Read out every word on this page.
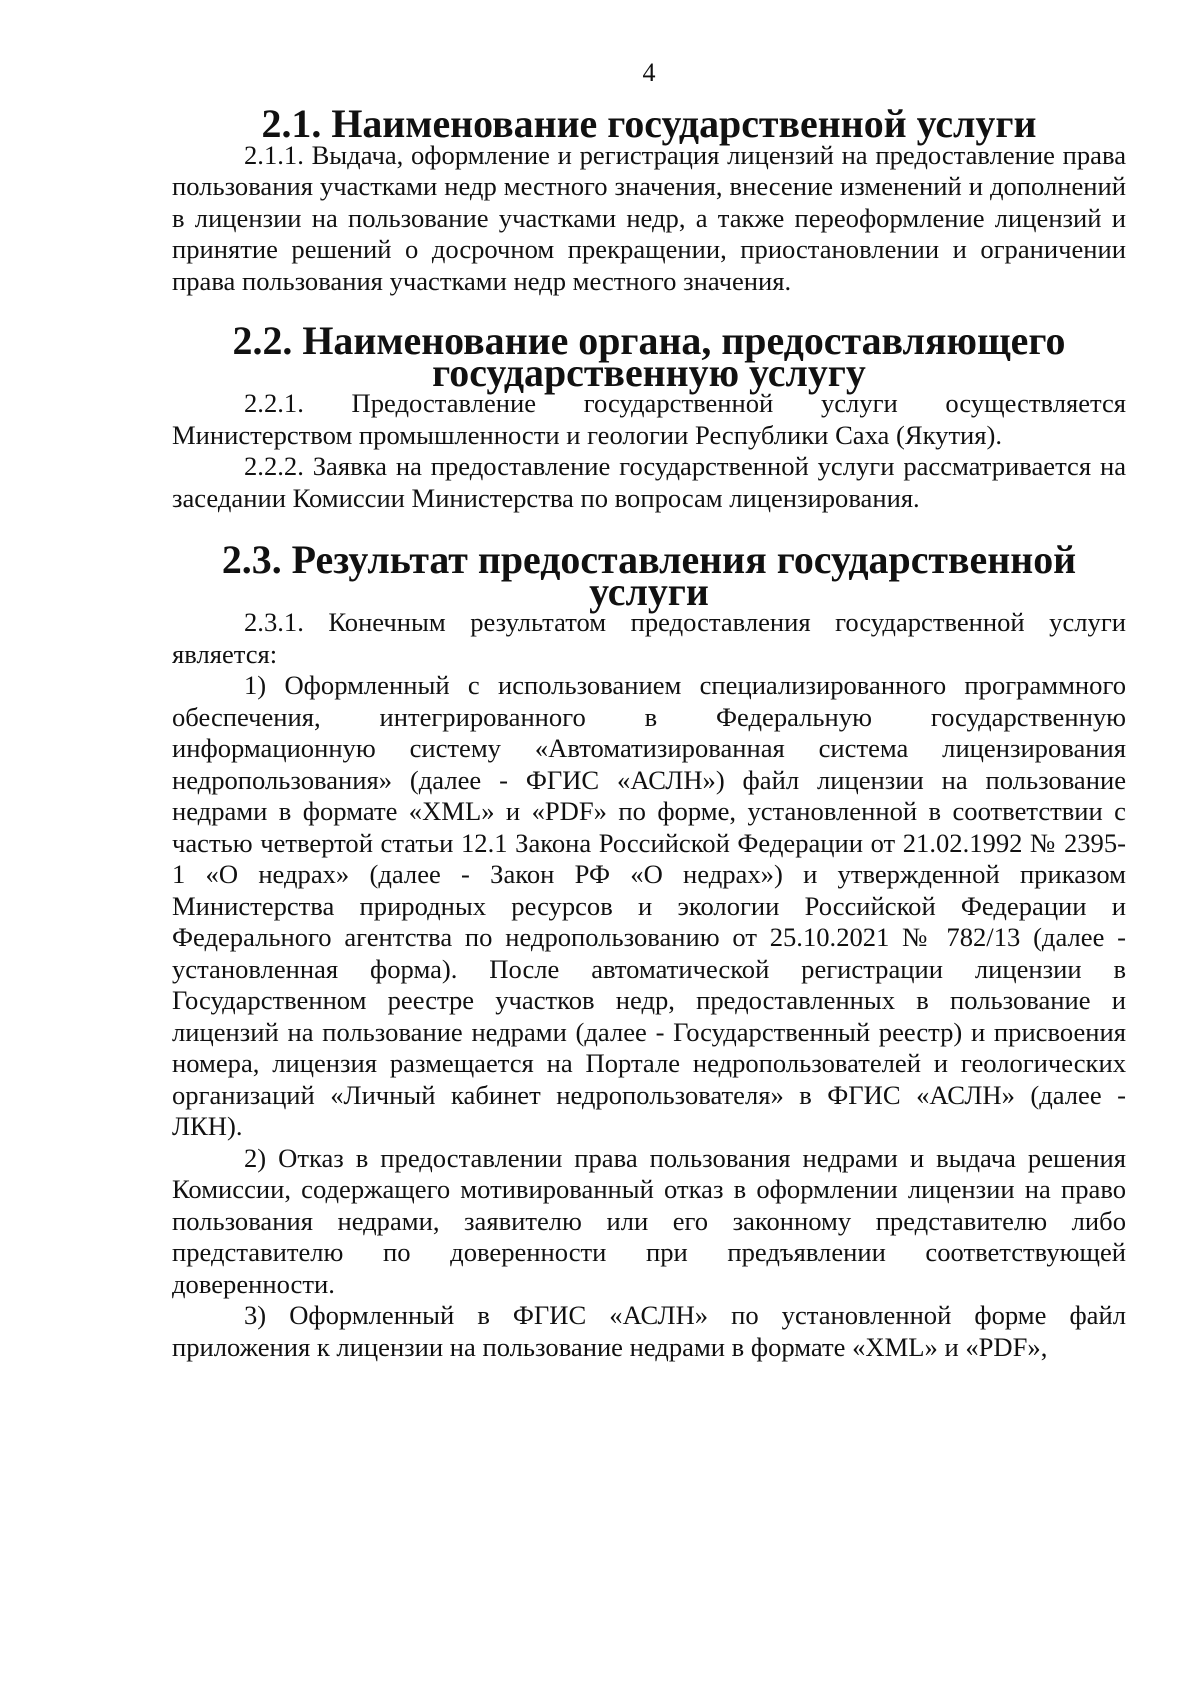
4
2.1. Наименование государственной услуги

2.1.1. Выдача, оформление и регистрация лицензий на предоставление права пользования участками недр местного значения, внесение изменений и дополнений в лицензии на пользование участками недр, а также переоформление лицензий и принятие решений о досрочном прекращении, приостановлении и ограничении права пользования участками недр местного значения.

2.2. Наименование органа, предоставляющего государственную услугу

2.2.1. Предоставление государственной услуги осуществляется Министерством промышленности и геологии Республики Саха (Якутия).

2.2.2. Заявка на предоставление государственной услуги рассматривается на заседании Комиссии Министерства по вопросам лицензирования.

2.3. Результат предоставления государственной услуги

2.3.1. Конечным результатом предоставления государственной услуги является:

1) Оформленный с использованием специализированного программного обеспечения, интегрированного в Федеральную государственную информационную систему «Автоматизированная система лицензирования недропользования» (далее - ФГИС «АСЛН») файл лицензии на пользование недрами в формате «XML» и «PDF» по форме, установленной в соответствии с частью четвертой статьи 12.1 Закона Российской Федерации от 21.02.1992 № 2395-1 «О недрах» (далее - Закон РФ «О недрах») и утвержденной приказом Министерства природных ресурсов и экологии Российской Федерации и Федерального агентства по недропользованию от 25.10.2021 № 782/13 (далее - установленная форма). После автоматической регистрации лицензии в Государственном реестре участков недр, предоставленных в пользование и лицензий на пользование недрами (далее - Государственный реестр) и присвоения номера, лицензия размещается на Портале недропользователей и геологических организаций «Личный кабинет недропользователя» в ФГИС «АСЛН» (далее - ЛКН).

2) Отказ в предоставлении права пользования недрами и выдача решения Комиссии, содержащего мотивированный отказ в оформлении лицензии на право пользования недрами, заявителю или его законному представителю либо представителю по доверенности при предъявлении соответствующей доверенности.

3) Оформленный в ФГИС «АСЛН» по установленной форме файл приложения к лицензии на пользование недрами в формате «XML» и «PDF»,
